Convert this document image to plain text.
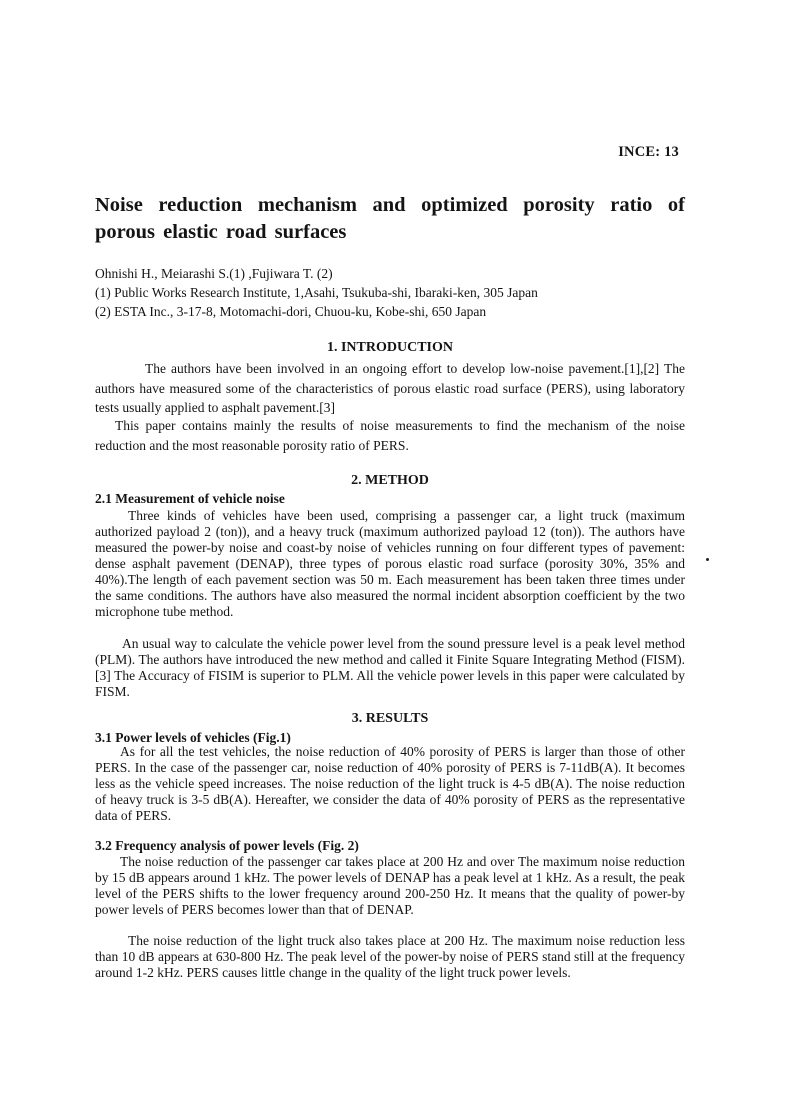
INCE: 13
Noise reduction mechanism and optimized porosity ratio of porous elastic road surfaces
Ohnishi H., Meiarashi S.(1) ,Fujiwara T. (2)
(1) Public Works Research Institute, 1,Asahi, Tsukuba-shi, Ibaraki-ken, 305 Japan
(2) ESTA Inc., 3-17-8, Motomachi-dori, Chuou-ku, Kobe-shi, 650 Japan
1. INTRODUCTION
The authors have been involved in an ongoing effort to develop low-noise pavement.[1],[2] The authors have measured some of the characteristics of porous elastic road surface (PERS), using laboratory tests usually applied to asphalt pavement.[3]
This paper contains mainly the results of noise measurements to find the mechanism of the noise reduction and the most reasonable porosity ratio of PERS.
2. METHOD
2.1 Measurement of vehicle noise
Three kinds of vehicles have been used, comprising a passenger car, a light truck (maximum authorized payload 2 (ton)), and a heavy truck (maximum authorized payload 12 (ton)). The authors have measured the power-by noise and coast-by noise of vehicles running on four different types of pavement: dense asphalt pavement (DENAP), three types of porous elastic road surface (porosity 30%, 35% and 40%).The length of each pavement section was 50 m. Each measurement has been taken three times under the same conditions. The authors have also measured the normal incident absorption coefficient by the two microphone tube method.
An usual way to calculate the vehicle power level from the sound pressure level is a peak level method (PLM). The authors have introduced the new method and called it Finite Square Integrating Method (FISM).[3] The Accuracy of FISIM is superior to PLM. All the vehicle power levels in this paper were calculated by FISM.
3. RESULTS
3.1 Power levels of vehicles (Fig.1)
As for all the test vehicles, the noise reduction of 40% porosity of PERS is larger than those of other PERS. In the case of the passenger car, noise reduction of 40% porosity of PERS is 7-11dB(A). It becomes less as the vehicle speed increases. The noise reduction of the light truck is 4-5 dB(A). The noise reduction of heavy truck is 3-5 dB(A). Hereafter, we consider the data of 40% porosity of PERS as the representative data of PERS.
3.2 Frequency analysis of power levels (Fig. 2)
The noise reduction of the passenger car takes place at 200 Hz and over The maximum noise reduction by 15 dB appears around 1 kHz. The power levels of DENAP has a peak level at 1 kHz. As a result, the peak level of the PERS shifts to the lower frequency around 200-250 Hz. It means that the quality of power-by power levels of PERS becomes lower than that of DENAP.
The noise reduction of the light truck also takes place at 200 Hz. The maximum noise reduction less than 10 dB appears at 630-800 Hz. The peak level of the power-by noise of PERS stand still at the frequency around 1-2 kHz. PERS causes little change in the quality of the light truck power levels.
